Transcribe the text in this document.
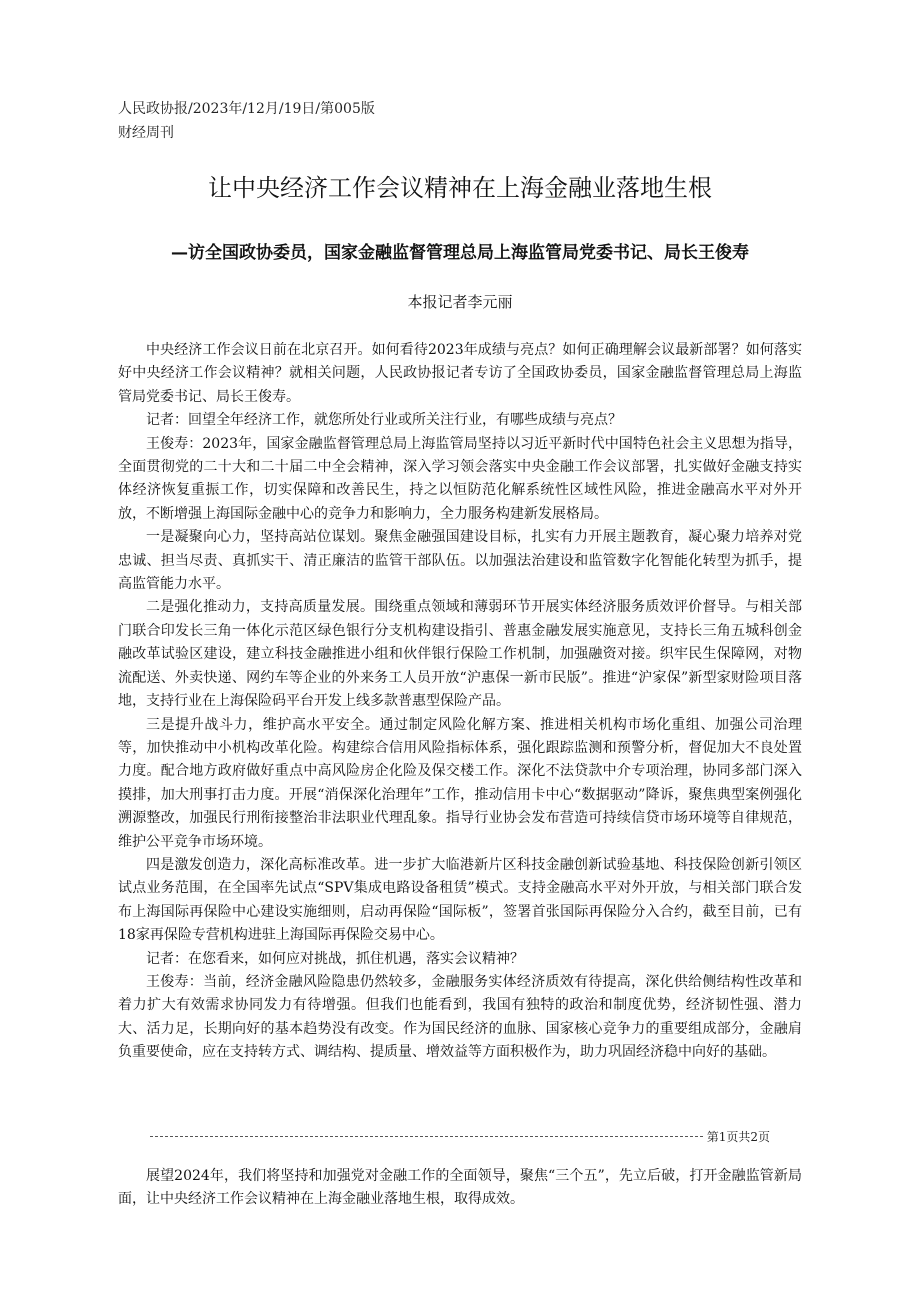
人民政协报/2023年/12月/19日/第005版
财经周刊
让中央经济工作会议精神在上海金融业落地生根
—访全国政协委员，国家金融监督管理总局上海监管局党委书记、局长王俊寿
本报记者李元丽

中央经济工作会议日前在北京召开。如何看待2023年成绩与亮点？如何正确理解会议最新部署？如何落实好中央经济工作会议精神？就相关问题，人民政协报记者专访了全国政协委员，国家金融监督管理总局上海监管局党委书记、局长王俊寿。

记者：回望全年经济工作，就您所处行业或所关注行业，有哪些成绩与亮点？

王俊寿：2023年，国家金融监督管理总局上海监管局坚持以习近平新时代中国特色社会主义思想为指导，全面贯彻党的二十大和二十届二中全会精神，深入学习领会落实中央金融工作会议部署，扎实做好金融支持实体经济恢复重振工作，切实保障和改善民生，持之以恒防范化解系统性区域性风险，推进金融高水平对外开放，不断增强上海国际金融中心的竞争力和影响力，全力服务构建新发展格局。

一是凝聚向心力，坚持高站位谋划。聚焦金融强国建设目标，扎实有力开展主题教育，凝心聚力培养对党忠诚、担当尽责、真抓实干、清正廉洁的监管干部队伍。以加强法治建设和监管数字化智能化转型为抓手，提高监管能力水平。

二是强化推动力，支持高质量发展。围绕重点领域和薄弱环节开展实体经济服务质效评价督导。与相关部门联合印发长三角一体化示范区绿色银行分支机构建设指引、普惠金融发展实施意见，支持长三角五城科创金融改革试验区建设，建立科技金融推进小组和伙伴银行保险工作机制，加强融资对接。织牢民生保障网，对物流配送、外卖快递、网约车等企业的外来务工人员开放“沪惠保一新市民版”。推进“沪家保”新型家财险项目落地，支持行业在上海保险码平台开发上线多款普惠型保险产品。

三是提升战斗力，维护高水平安全。通过制定风险化解方案、推进相关机构市场化重组、加强公司治理等，加快推动中小机构改革化险。构建综合信用风险指标体系，强化跟踪监测和预警分析，督促加大不良处置力度。配合地方政府做好重点中高风险房企化险及保交楼工作。深化不法贷款中介专项治理，协同多部门深入摸排，加大刑事打击力度。开展“消保深化治理年”工作，推动信用卡中心“数据驱动”降诉，聚焦典型案例强化溯源整改，加强民行刑衔接整治非法职业代理乱象。指导行业协会发布营造可持续信贷市场环境等自律规范，维护公平竞争市场环境。

四是激发创造力，深化高标准改革。进一步扩大临港新片区科技金融创新试验基地、科技保险创新引领区试点业务范围，在全国率先试点“SPV集成电路设备租赁”模式。支持金融高水平对外开放，与相关部门联合发布上海国际再保险中心建设实施细则，启动再保险“国际板”，签署首张国际再保险分入合约，截至目前，已有18家再保险专营机构进驻上海国际再保险交易中心。

记者：在您看来，如何应对挑战，抓住机遇，落实会议精神？

王俊寿：当前，经济金融风险隐患仍然较多，金融服务实体经济质效有待提高，深化供给侧结构性改革和着力扩大有效需求协同发力有待增强。但我们也能看到，我国有独特的政治和制度优势，经济韧性强、潜力大、活力足，长期向好的基本趋势没有改变。作为国民经济的血脉、国家核心竞争力的重要组成部分，金融肩负重要使命，应在支持转方式、调结构、提质量、增效益等方面积极作为，助力巩固经济稳中向好的基础。

第1页共2页

展望2024年，我们将坚持和加强党对金融工作的全面领导，聚焦“三个五”，先立后破，打开金融监管新局面，让中央经济工作会议精神在上海金融业落地生根，取得成效。
